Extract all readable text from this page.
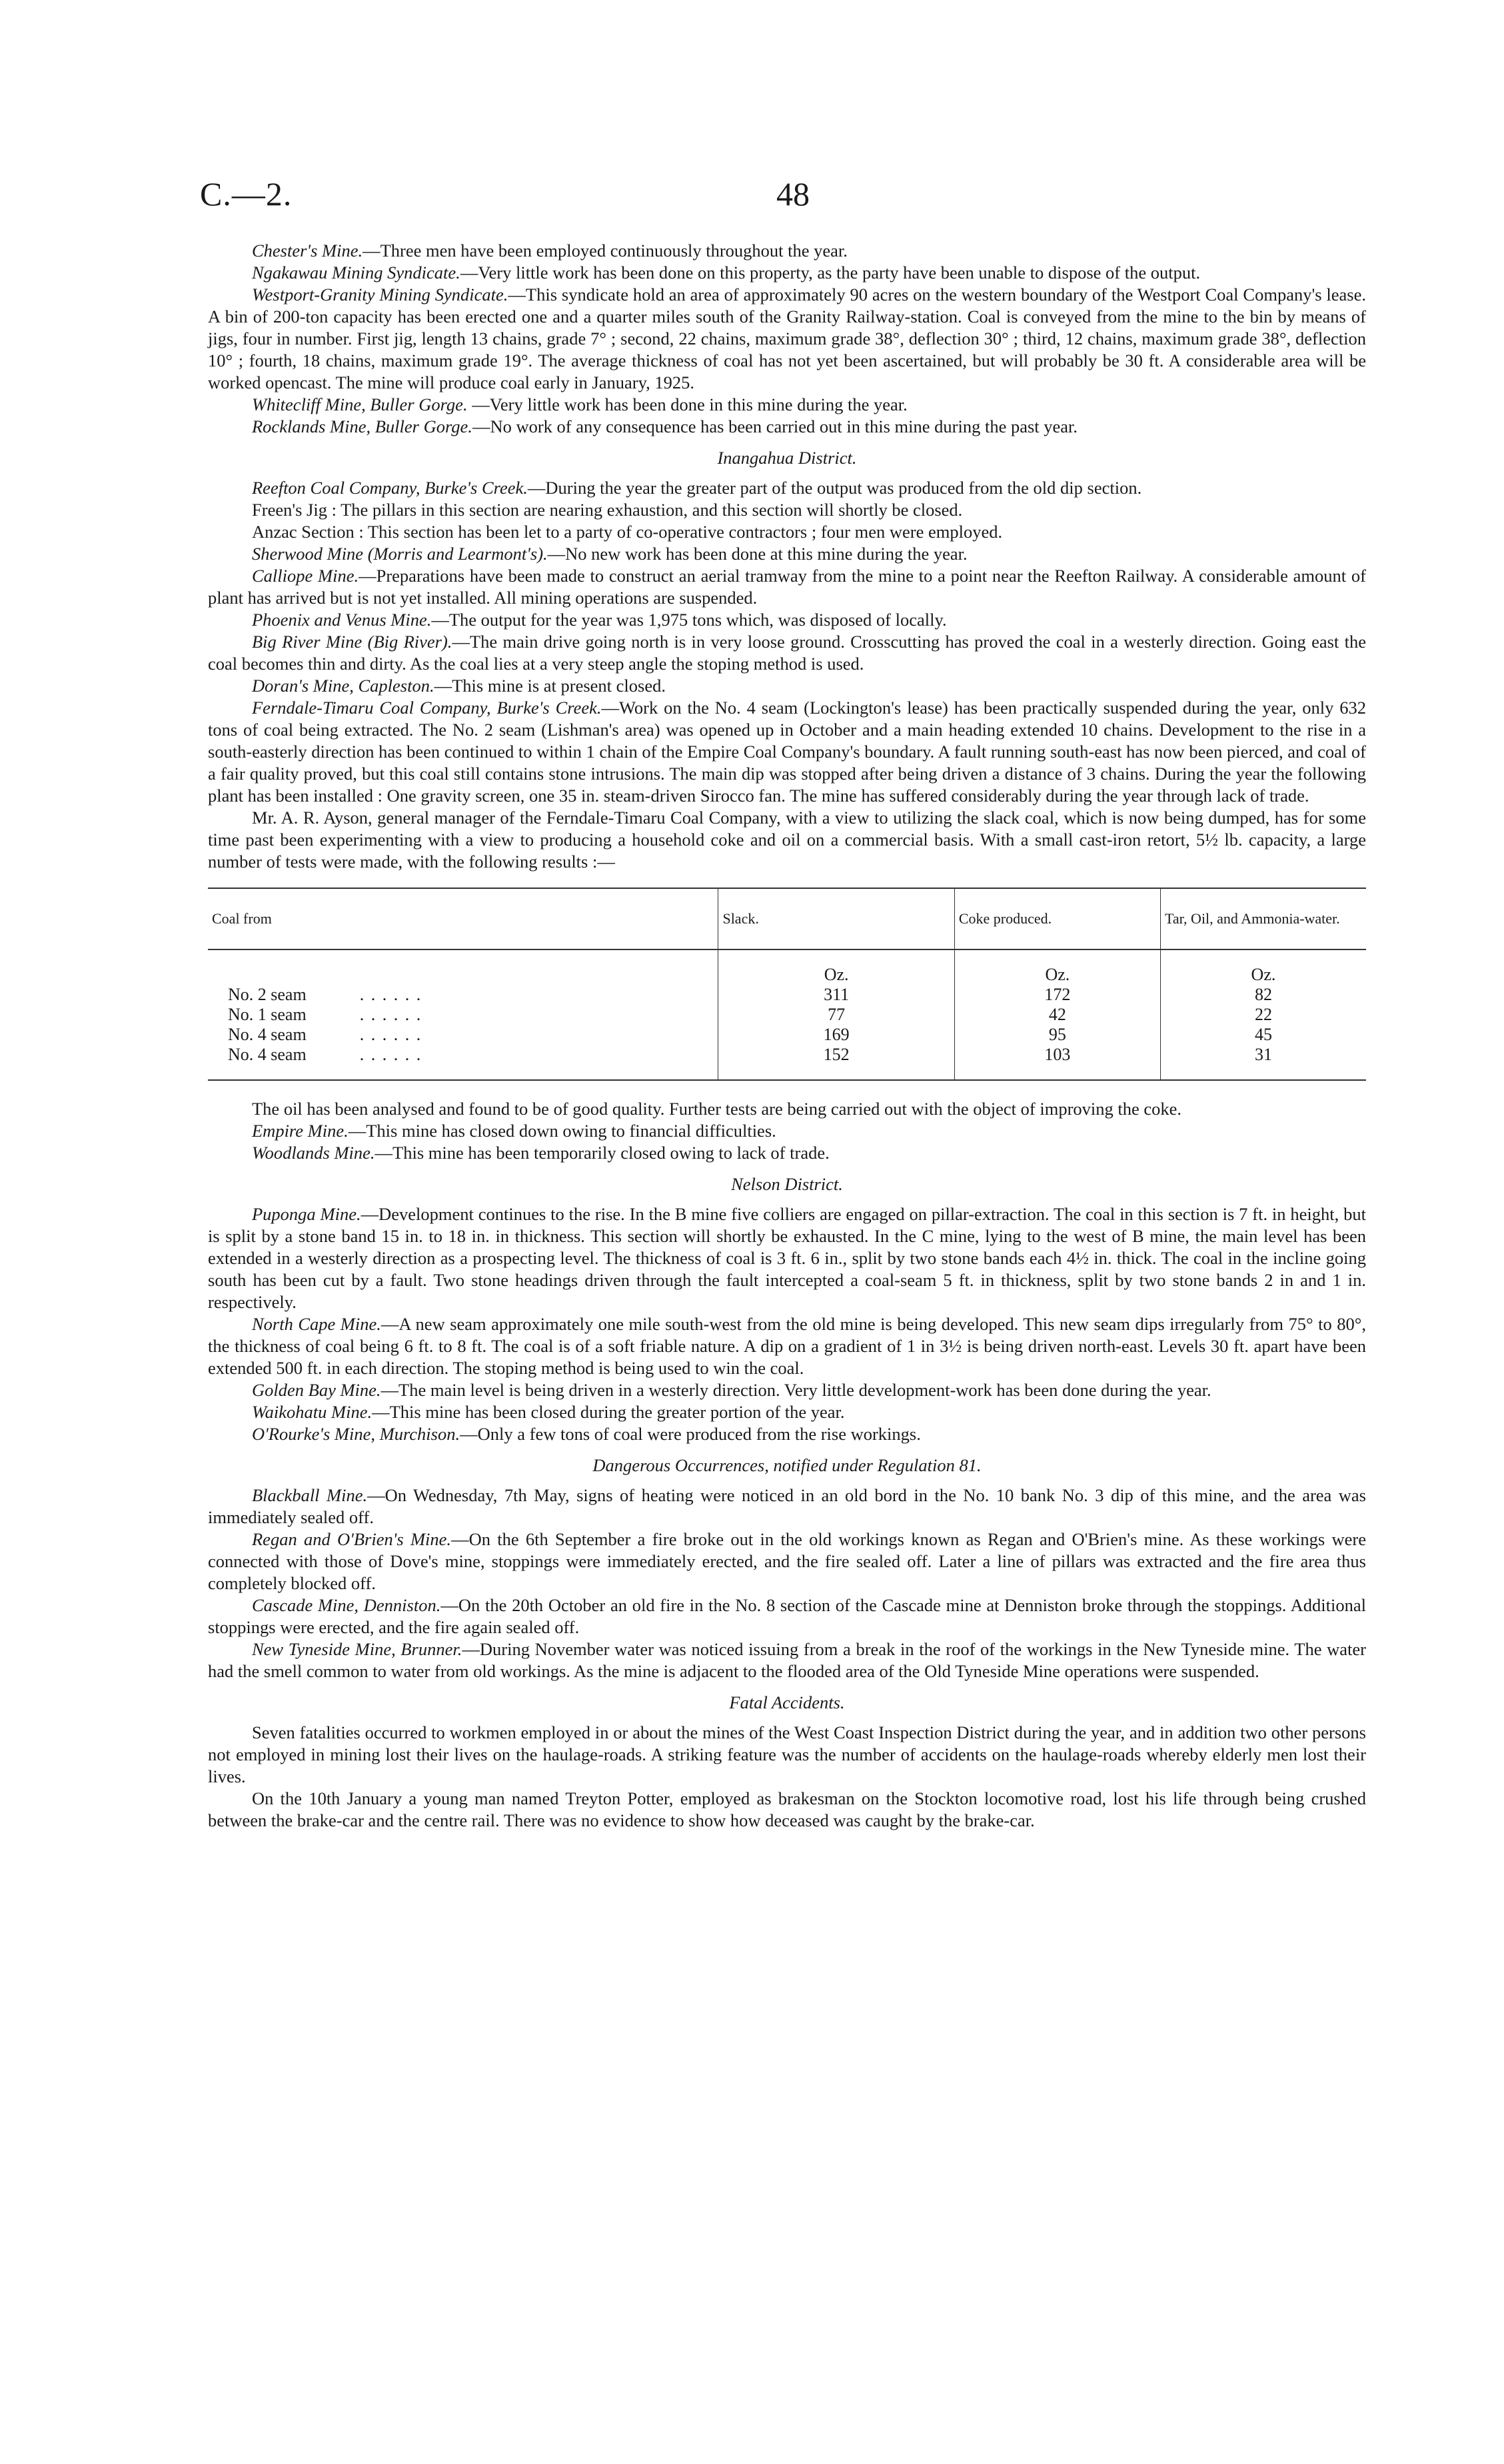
C.—2.	48

Chester's Mine.—Three men have been employed continuously throughout the year.

Ngakawau Mining Syndicate.—Very little work has been done on this property, as the party have been unable to dispose of the output.

Westport-Granity Mining Syndicate.—This syndicate hold an area of approximately 90 acres on the western boundary of the Westport Coal Company's lease. A bin of 200-ton capacity has been erected one and a quarter miles south of the Granity Railway-station. Coal is conveyed from the mine to the bin by means of jigs, four in number. First jig, length 13 chains, grade 7° ; second, 22 chains, maximum grade 38°, deflection 30° ; third, 12 chains, maximum grade 38°, deflection 10° ; fourth, 18 chains, maximum grade 19°. The average thickness of coal has not yet been ascertained, but will probably be 30 ft. A considerable area will be worked opencast. The mine will produce coal early in January, 1925.

Whitecliff Mine, Buller Gorge. —Very little work has been done in this mine during the year.

Rocklands Mine, Buller Gorge.—No work of any consequence has been carried out in this mine during the past year.

Inangahua District.

Reefton Coal Company, Burke's Creek.—During the year the greater part of the output was produced from the old dip section.

Freen's Jig : The pillars in this section are nearing exhaustion, and this section will shortly be closed.

Anzac Section : This section has been let to a party of co-operative contractors ; four men were employed.

Sherwood Mine (Morris and Learmont's).—No new work has been done at this mine during the year.

Calliope Mine.—Preparations have been made to construct an aerial tramway from the mine to a point near the Reefton Railway. A considerable amount of plant has arrived but is not yet installed. All mining operations are suspended.

Phoenix and Venus Mine.—The output for the year was 1,975 tons which, was disposed of locally.

Big River Mine (Big River).—The main drive going north is in very loose ground. Crosscutting has proved the coal in a westerly direction. Going east the coal becomes thin and dirty. As the coal lies at a very steep angle the stoping method is used.

Doran's Mine, Capleston.—This mine is at present closed.

Ferndale-Timaru Coal Company, Burke's Creek.—Work on the No. 4 seam (Lockington's lease) has been practically suspended during the year, only 632 tons of coal being extracted. The No. 2 seam (Lishman's area) was opened up in October and a main heading extended 10 chains. Development to the rise in a south-easterly direction has been continued to within 1 chain of the Empire Coal Company's boundary. A fault running south-east has now been pierced, and coal of a fair quality proved, but this coal still contains stone intrusions. The main dip was stopped after being driven a distance of 3 chains. During the year the following plant has been installed : One gravity screen, one 35 in. steam-driven Sirocco fan. The mine has suffered considerably during the year through lack of trade.

Mr. A. R. Ayson, general manager of the Ferndale-Timaru Coal Company, with a view to utilizing the slack coal, which is now being dumped, has for some time past been experimenting with a view to producing a household coke and oil on a commercial basis. With a small cast-iron retort, 5½ lb. capacity, a large number of tests were made, with the following results :—

Coal from	Slack.	Coke produced.	Tar, Oil, and Ammonia-water.
	Oz.	Oz.	Oz.
No. 2 seam . . . . . .	311	172	82
No. 1 seam . . . . . .	77	42	22
No. 4 seam . . . . . .	169	95	45
No. 4 seam . . . . . .	152	103	31

The oil has been analysed and found to be of good quality. Further tests are being carried out with the object of improving the coke.

Empire Mine.—This mine has closed down owing to financial difficulties.

Woodlands Mine.—This mine has been temporarily closed owing to lack of trade.

Nelson District.

Puponga Mine.—Development continues to the rise. In the B mine five colliers are engaged on pillar-extraction. The coal in this section is 7 ft. in height, but is split by a stone band 15 in. to 18 in. in thickness. This section will shortly be exhausted. In the C mine, lying to the west of B mine, the main level has been extended in a westerly direction as a prospecting level. The thickness of coal is 3 ft. 6 in., split by two stone bands each 4½ in. thick. The coal in the incline going south has been cut by a fault. Two stone headings driven through the fault intercepted a coal-seam 5 ft. in thickness, split by two stone bands 2 in and 1 in. respectively.

North Cape Mine.—A new seam approximately one mile south-west from the old mine is being developed. This new seam dips irregularly from 75° to 80°, the thickness of coal being 6 ft. to 8 ft. The coal is of a soft friable nature. A dip on a gradient of 1 in 3½ is being driven north-east. Levels 30 ft. apart have been extended 500 ft. in each direction. The stoping method is being used to win the coal.

Golden Bay Mine.—The main level is being driven in a westerly direction. Very little development-work has been done during the year.

Waikohatu Mine.—This mine has been closed during the greater portion of the year.

O'Rourke's Mine, Murchison.—Only a few tons of coal were produced from the rise workings.

Dangerous Occurrences, notified under Regulation 81.

Blackball Mine.—On Wednesday, 7th May, signs of heating were noticed in an old bord in the No. 10 bank No. 3 dip of this mine, and the area was immediately sealed off.

Regan and O'Brien's Mine.—On the 6th September a fire broke out in the old workings known as Regan and O'Brien's mine. As these workings were connected with those of Dove's mine, stoppings were immediately erected, and the fire sealed off. Later a line of pillars was extracted and the fire area thus completely blocked off.

Cascade Mine, Denniston.—On the 20th October an old fire in the No. 8 section of the Cascade mine at Denniston broke through the stoppings. Additional stoppings were erected, and the fire again sealed off.

New Tyneside Mine, Brunner.—During November water was noticed issuing from a break in the roof of the workings in the New Tyneside mine. The water had the smell common to water from old workings. As the mine is adjacent to the flooded area of the Old Tyneside Mine operations were suspended.

Fatal Accidents.

Seven fatalities occurred to workmen employed in or about the mines of the West Coast Inspection District during the year, and in addition two other persons not employed in mining lost their lives on the haulage-roads. A striking feature was the number of accidents on the haulage-roads whereby elderly men lost their lives.

On the 10th January a young man named Treyton Potter, employed as brakesman on the Stockton locomotive road, lost his life through being crushed between the brake-car and the centre rail. There was no evidence to show how deceased was caught by the brake-car.
